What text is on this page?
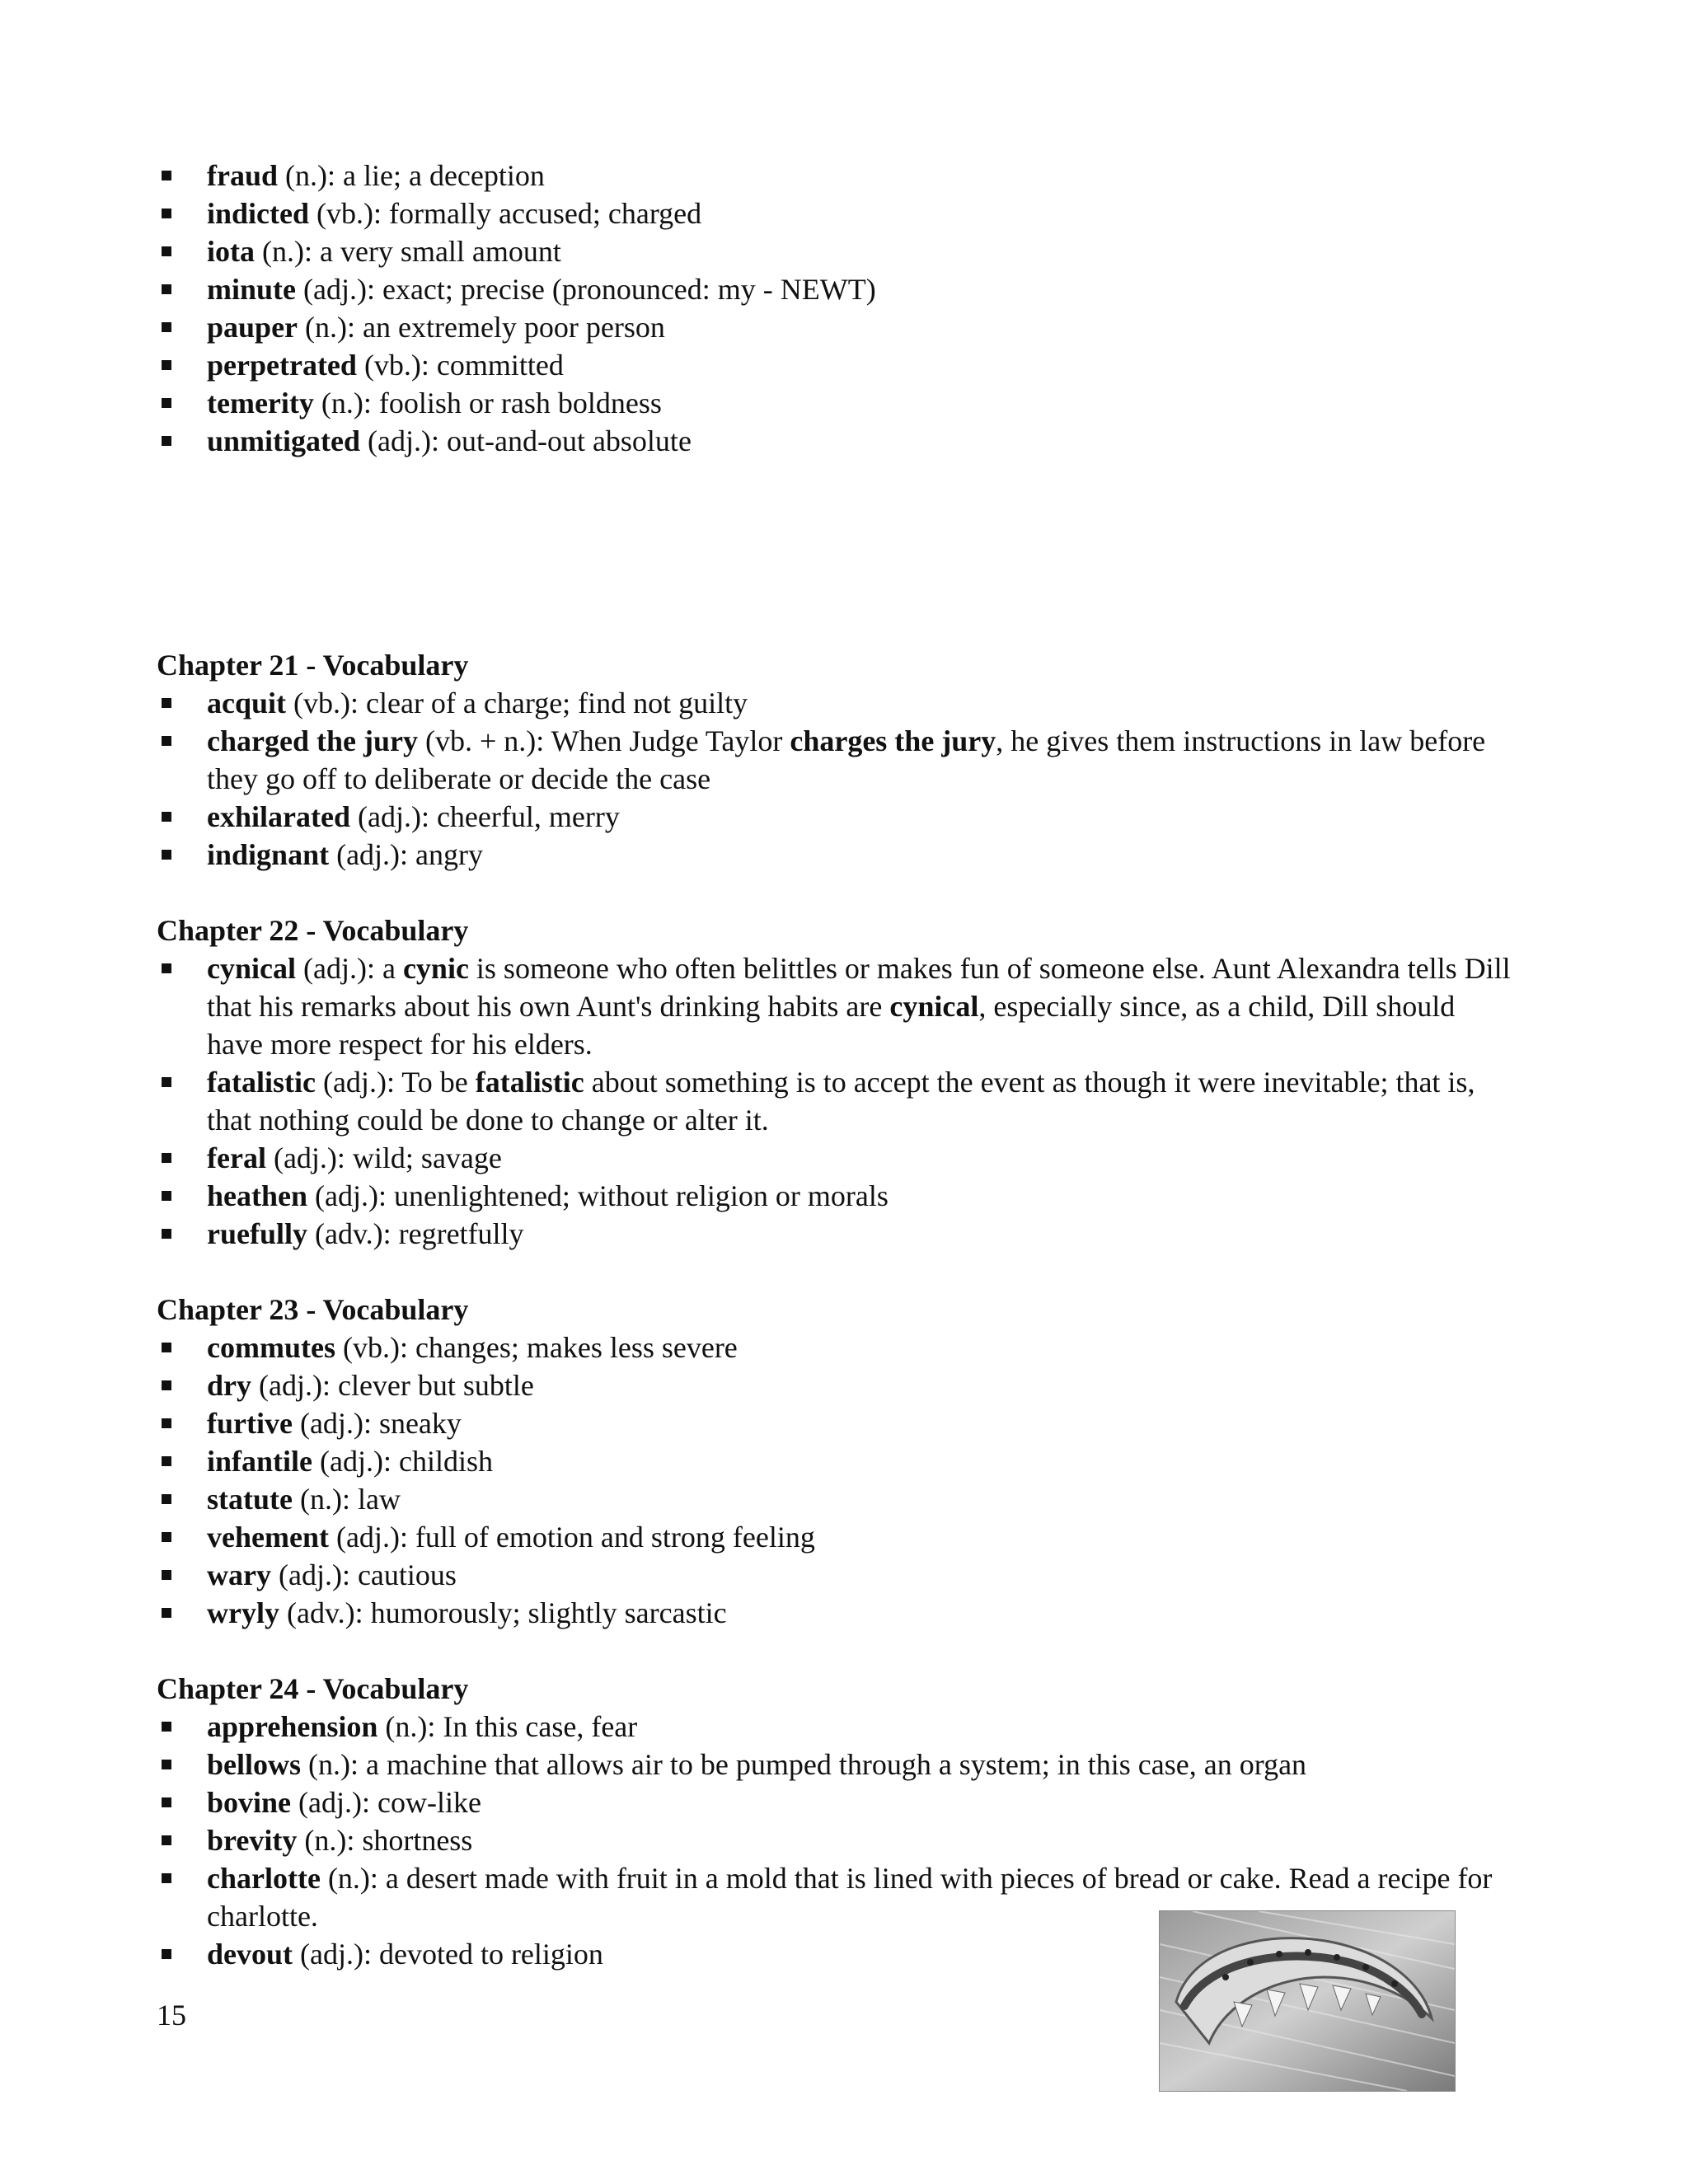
fraud (n.): a lie; a deception
indicted (vb.): formally accused; charged
iota (n.): a very small amount
minute (adj.): exact; precise (pronounced: my - NEWT)
pauper (n.): an extremely poor person
perpetrated (vb.): committed
temerity (n.): foolish or rash boldness
unmitigated (adj.): out-and-out absolute
Chapter 21 - Vocabulary
acquit (vb.): clear of a charge; find not guilty
charged the jury (vb. + n.): When Judge Taylor charges the jury, he gives them instructions in law before they go off to deliberate or decide the case
exhilarated (adj.): cheerful, merry
indignant (adj.): angry
Chapter 22 - Vocabulary
cynical (adj.): a cynic is someone who often belittles or makes fun of someone else. Aunt Alexandra tells Dill that his remarks about his own Aunt's drinking habits are cynical, especially since, as a child, Dill should have more respect for his elders.
fatalistic (adj.): To be fatalistic about something is to accept the event as though it were inevitable; that is, that nothing could be done to change or alter it.
feral (adj.): wild; savage
heathen (adj.): unenlightened; without religion or morals
ruefully (adv.): regretfully
Chapter 23 - Vocabulary
commutes (vb.): changes; makes less severe
dry (adj.): clever but subtle
furtive (adj.): sneaky
infantile (adj.): childish
statute (n.): law
vehement (adj.): full of emotion and strong feeling
wary (adj.): cautious
wryly (adv.): humorously; slightly sarcastic
Chapter 24 - Vocabulary
apprehension (n.): In this case, fear
bellows (n.): a machine that allows air to be pumped through a system; in this case, an organ
bovine (adj.): cow-like
brevity (n.): shortness
charlotte (n.): a desert made with fruit in a mold that is lined with pieces of bread or cake. Read a recipe for charlotte.
devout (adj.): devoted to religion
15
